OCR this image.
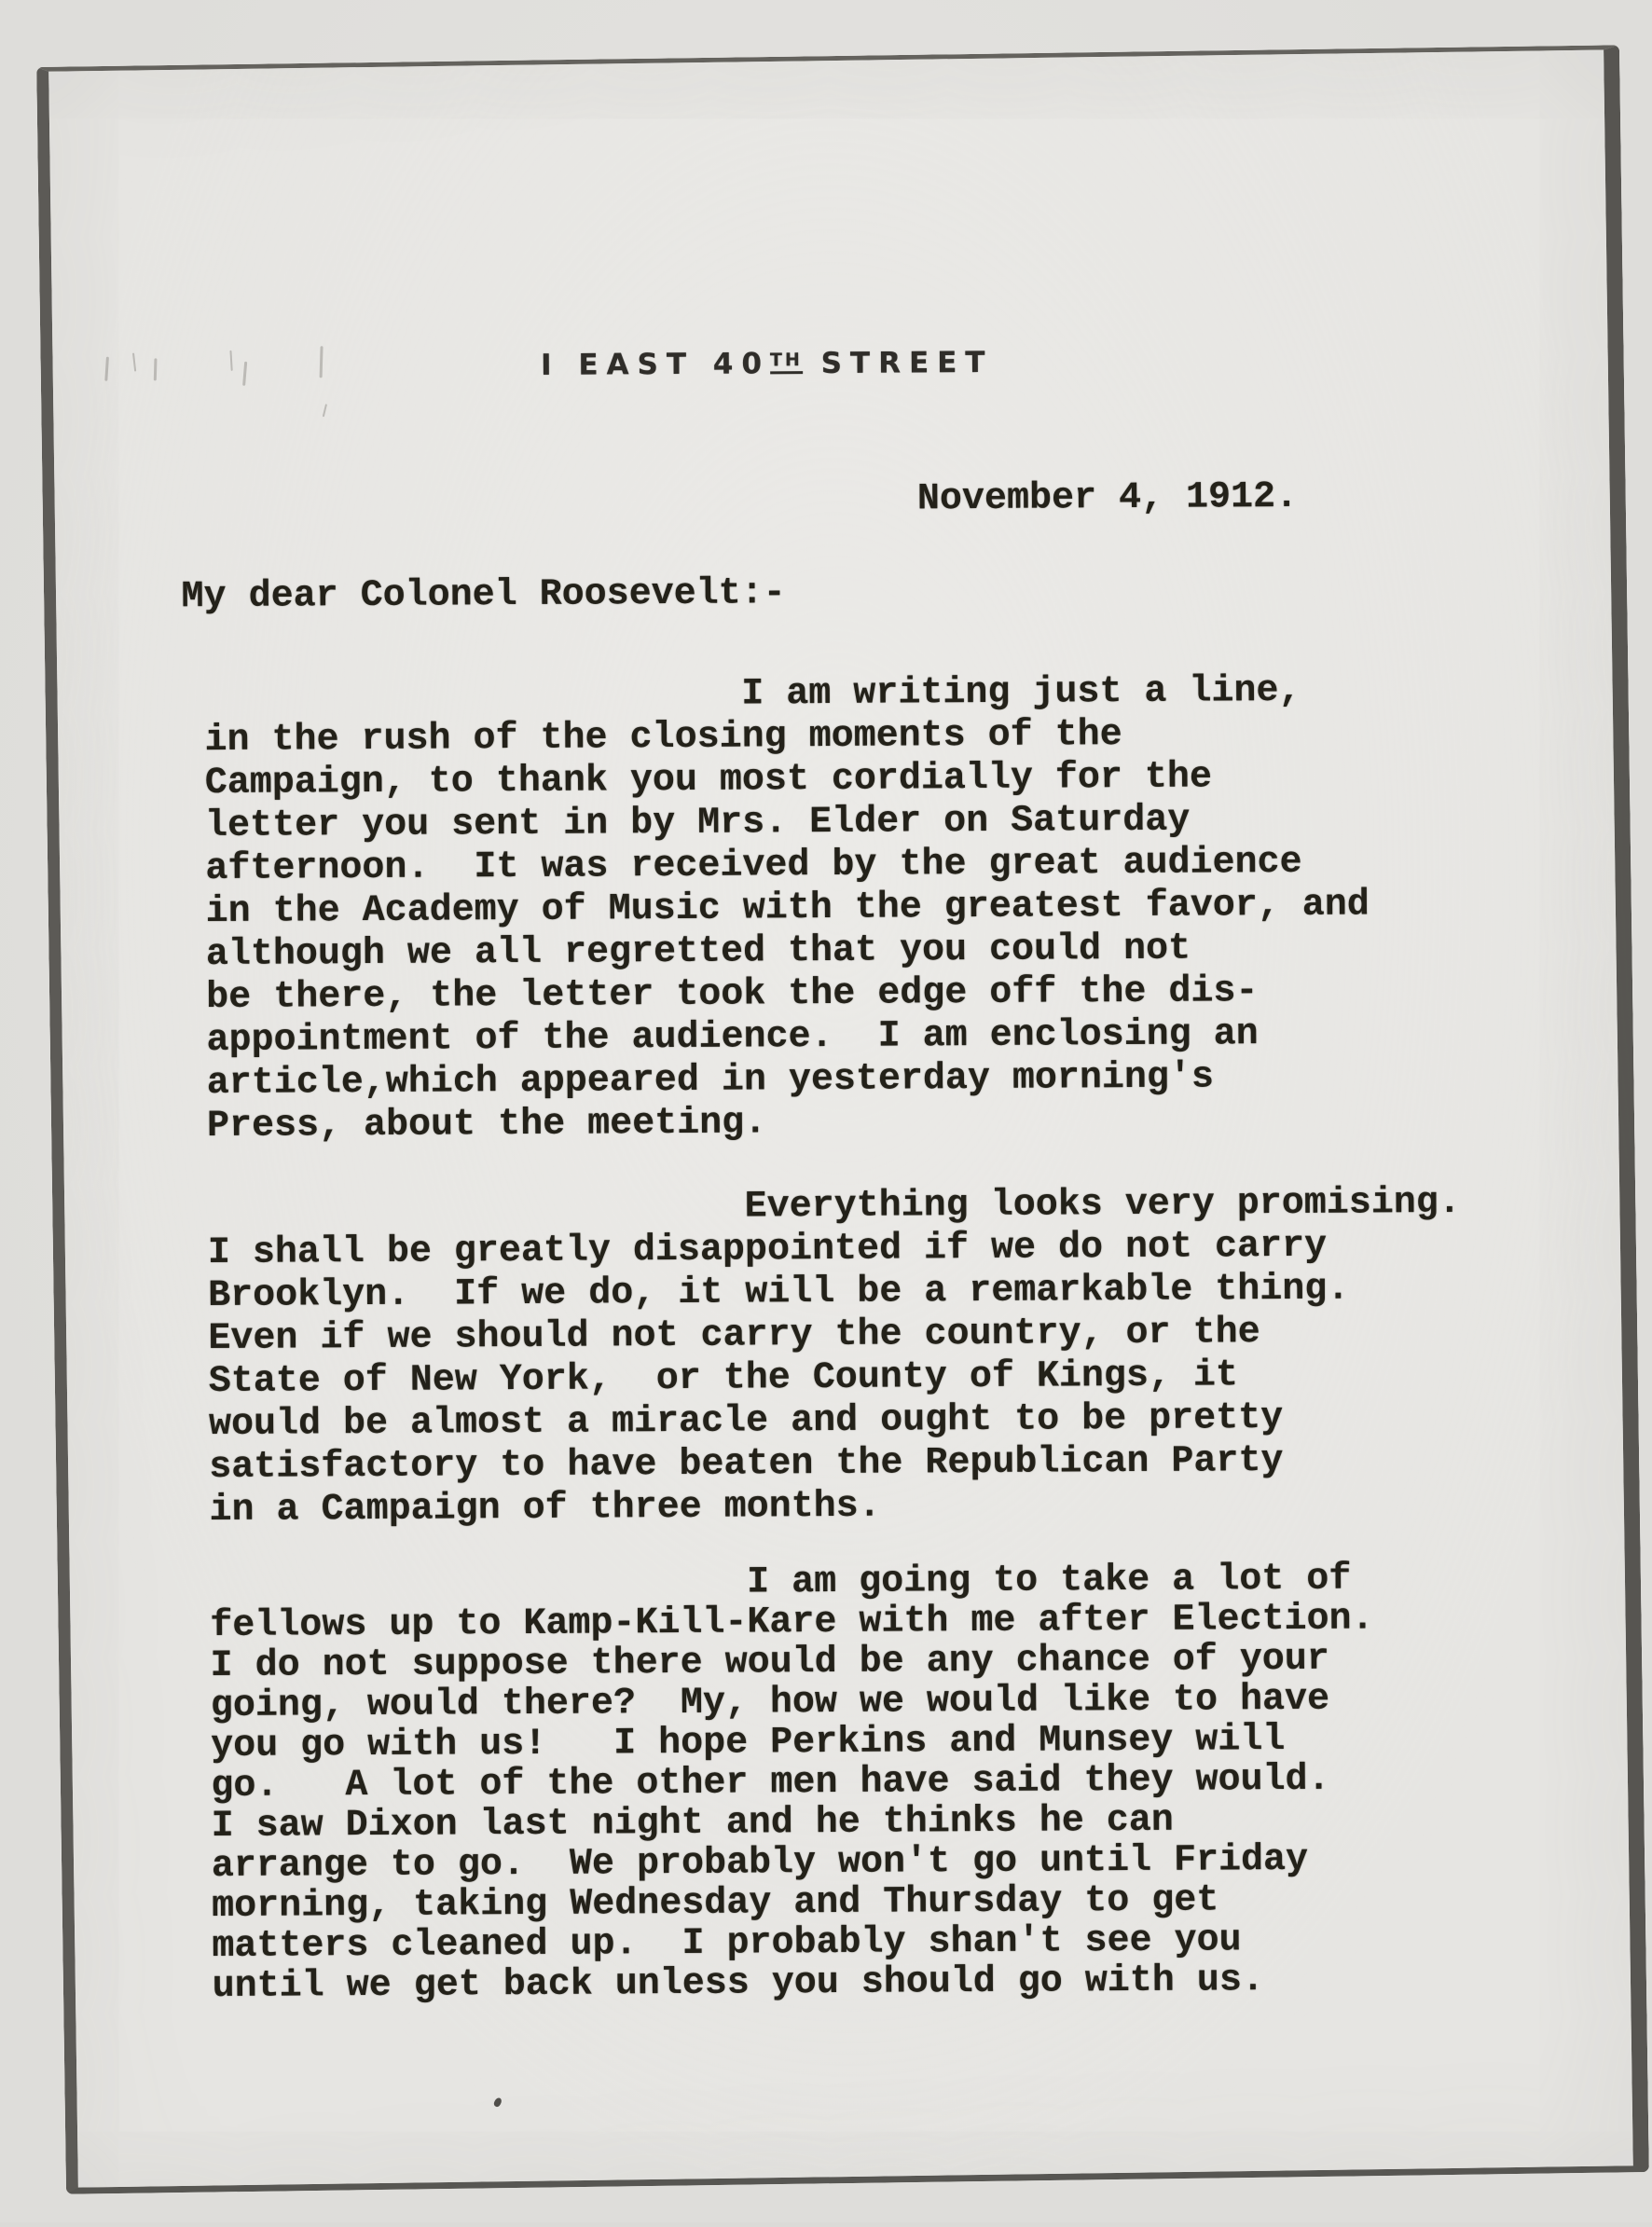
I EAST 40TH STREET
November 4, 1912.
My dear Colonel Roosevelt:-
I am writing just a line,
in the rush of the closing moments of the
Campaign, to thank you most cordially for the
letter you sent in by Mrs. Elder on Saturday
afternoon.  It was received by the great audience
in the Academy of Music with the greatest favor, and
although we all regretted that you could not
be there, the letter took the edge off the dis-
appointment of the audience.  I am enclosing an
article,which appeared in yesterday morning's
Press, about the meeting.
Everything looks very promising.
I shall be greatly disappointed if we do not carry
Brooklyn.  If we do, it will be a remarkable thing.
Even if we should not carry the country, or the
State of New York,  or the County of Kings, it
would be almost a miracle and ought to be pretty
satisfactory to have beaten the Republican Party
in a Campaign of three months.
I am going to take a lot of
fellows up to Kamp-Kill-Kare with me after Election.
I do not suppose there would be any chance of your
going, would there?  My, how we would like to have
you go with us!   I hope Perkins and Munsey will
go.   A lot of the other men have said they would.
I saw Dixon last night and he thinks he can
arrange to go.  We probably won't go until Friday
morning, taking Wednesday and Thursday to get
matters cleaned up.  I probably shan't see you
until we get back unless you should go with us.
